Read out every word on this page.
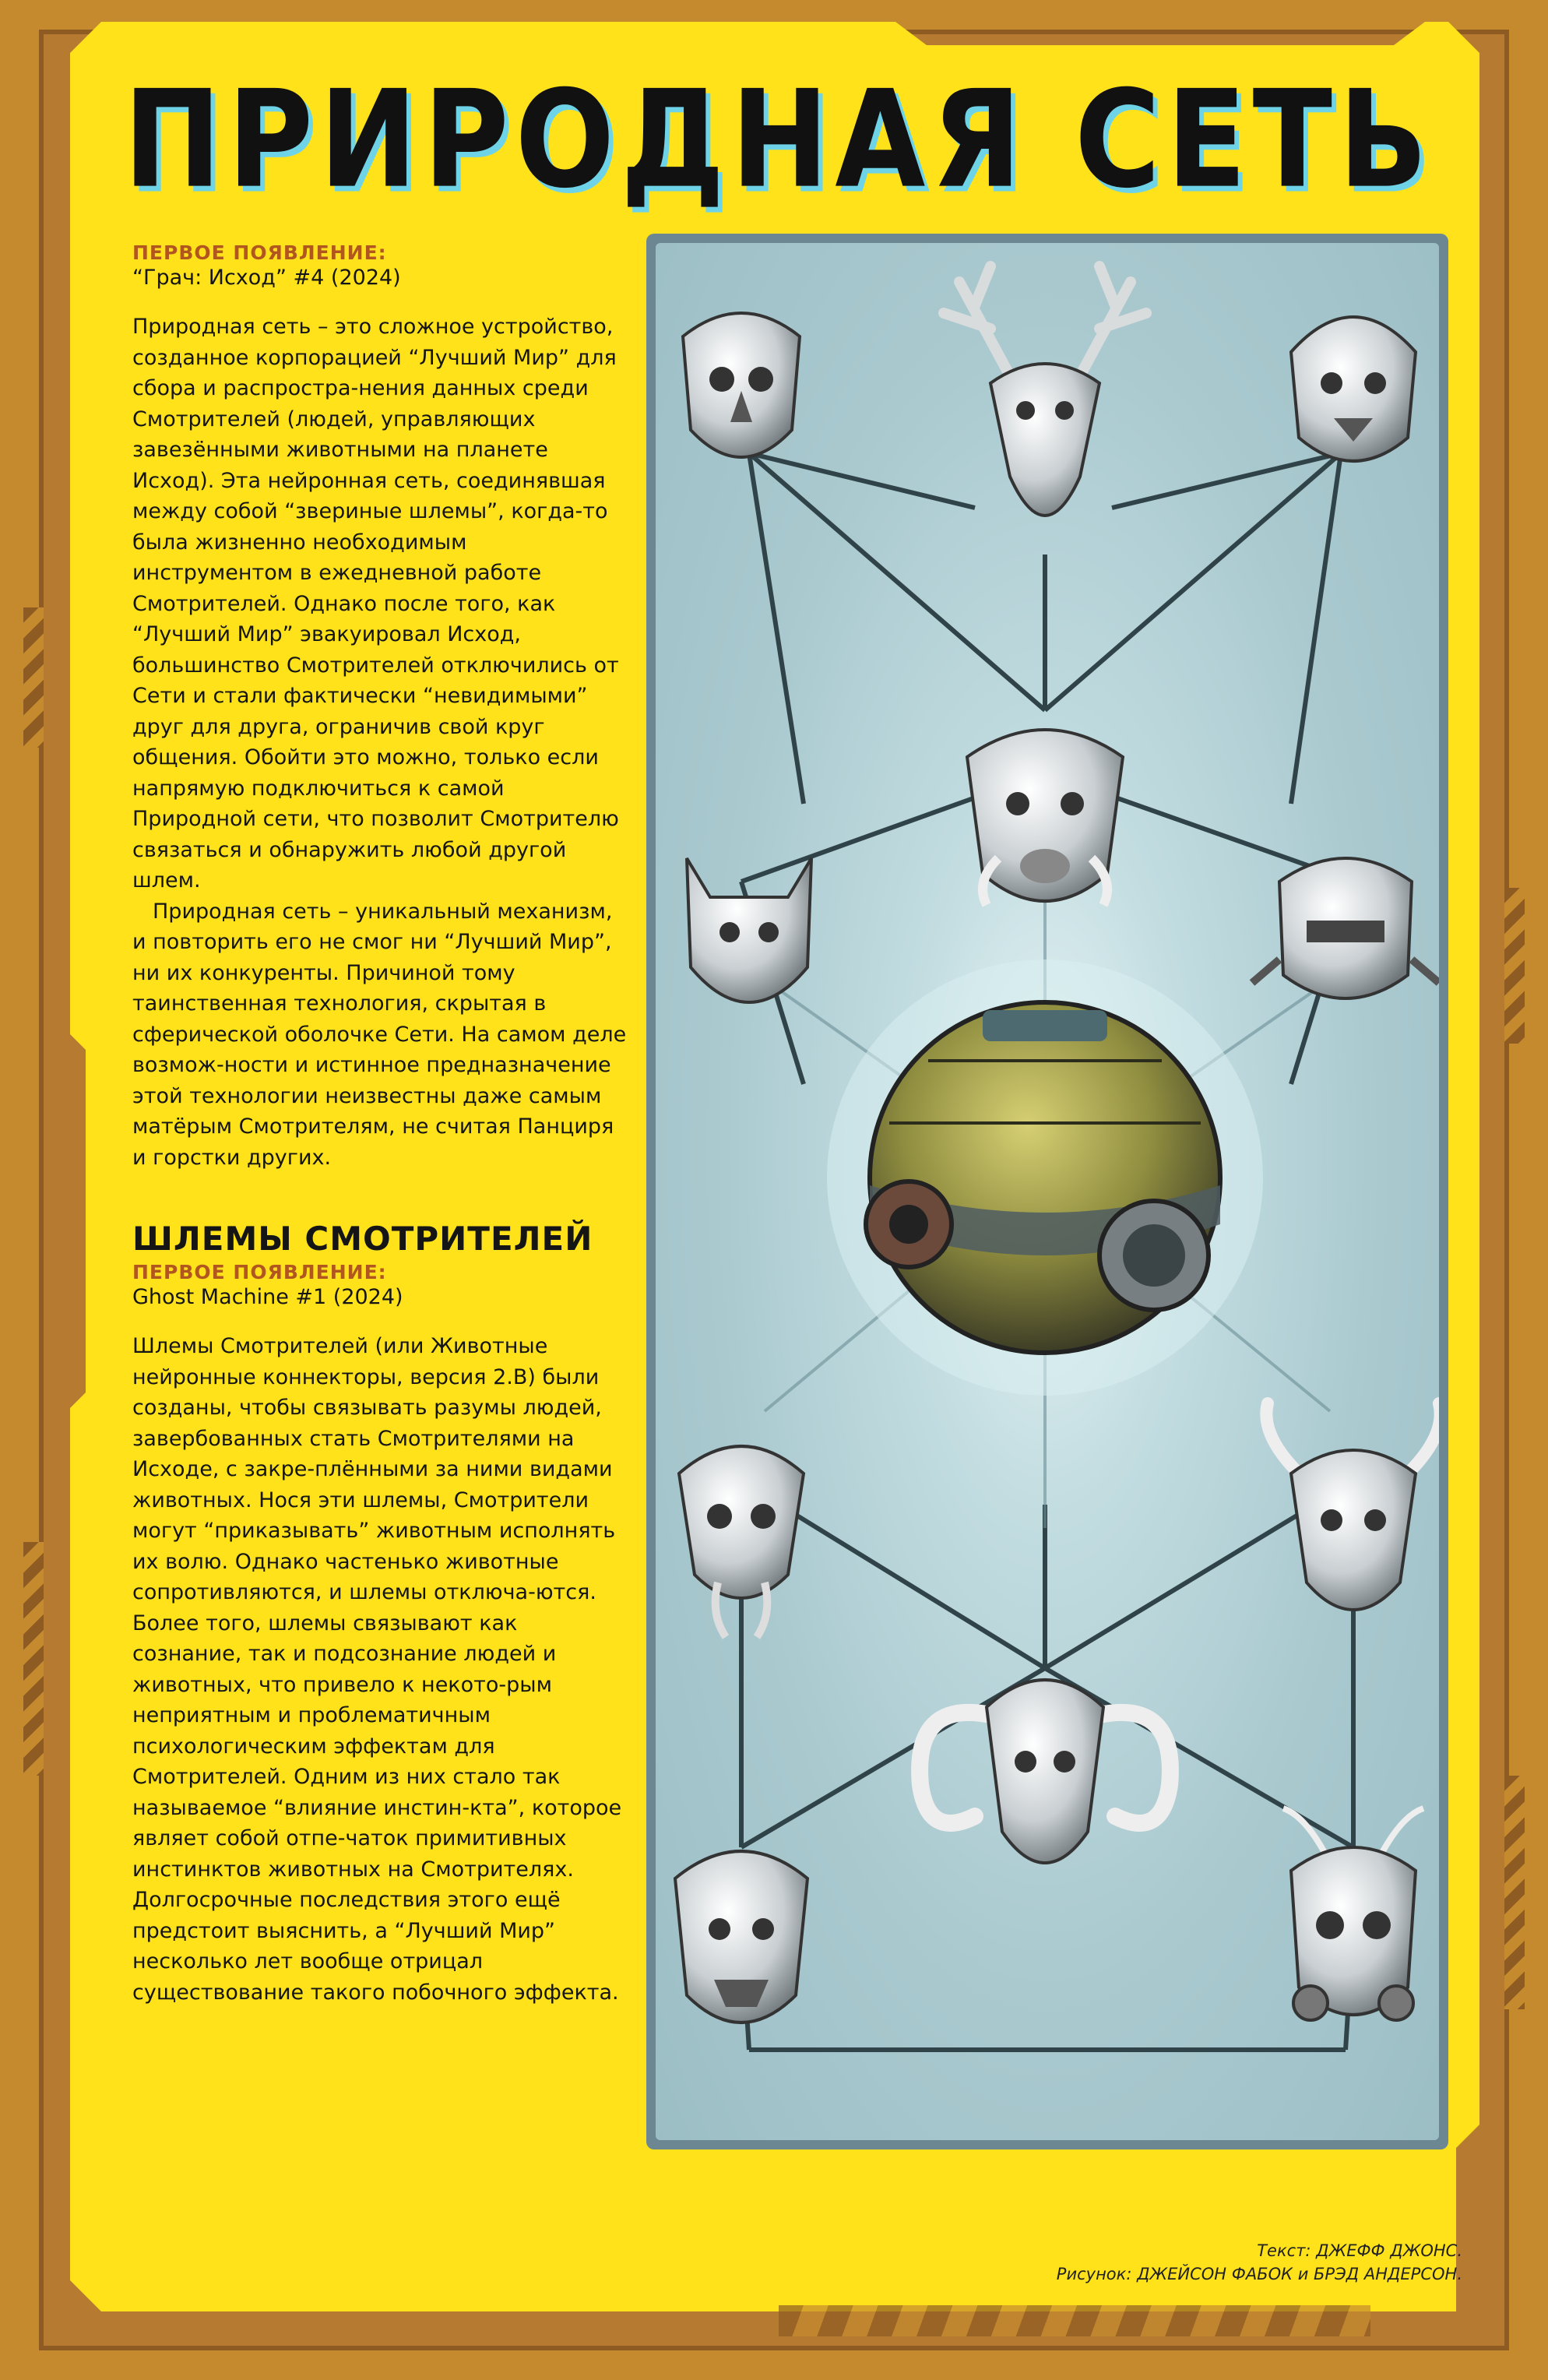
ПРИРОДНАЯ СЕТЬ
ПЕРВОЕ ПОЯВЛЕНИЕ:
“Грач: Исход” #4 (2024)

Природная сеть – это сложное устройство, созданное корпорацией “Лучший Мир” для сбора и распростра-нения данных среди Смотрителей (людей, управляющих завезёнными животными на планете Исход). Эта нейронная сеть, соединявшая между собой “звериные шлемы”, когда-то была жизненно необходимым инструментом в ежедневной работе Смотрителей. Однако после того, как “Лучший Мир” эвакуировал Исход, большинство Смотрителей отключились от Сети и стали фактически “невидимыми” друг для друга, ограничив свой круг общения. Обойти это можно, только если напрямую подключиться к самой Природной сети, что позволит Смотрителю связаться и обнаружить любой другой шлем.

Природная сеть – уникальный механизм, и повторить его не смог ни “Лучший Мир”, ни их конкуренты. Причиной тому таинственная технология, скрытая в сферической оболочке Сети. На самом деле возмож-ности и истинное предназначение этой технологии неизвестны даже самым матёрым Смотрителям, не считая Панциря и горстки других.

ШЛЕМЫ СМОТРИТЕЛЕЙ
ПЕРВОЕ ПОЯВЛЕНИЕ:
Ghost Machine #1 (2024)

Шлемы Смотрителей (или Животные нейронные коннекторы, версия 2.В) были созданы, чтобы связывать разумы людей, завербованных стать Смотрителями на Исходе, с закре-плёнными за ними видами животных. Нося эти шлемы, Смотрители могут “приказывать” животным исполнять их волю. Однако частенько животные сопротивляются, и шлемы отключа-ются. Более того, шлемы связывают как сознание, так и подсознание людей и животных, что привело к некото-рым неприятным и проблематичным психологическим эффектам для Смотрителей. Одним из них стало так называемое “влияние инстин-кта”, которое являет собой отпе-чаток примитивных инстинктов животных на Смотрителях. Долгосрочные последствия этого ещё предстоит выяснить, а “Лучший Мир” несколько лет вообще отрицал существование такого побочного эффекта.

Текст: ДЖЕФФ ДЖОНС.
Рисунок: ДЖЕЙСОН ФАБОК и БРЭД АНДЕРСОН.
